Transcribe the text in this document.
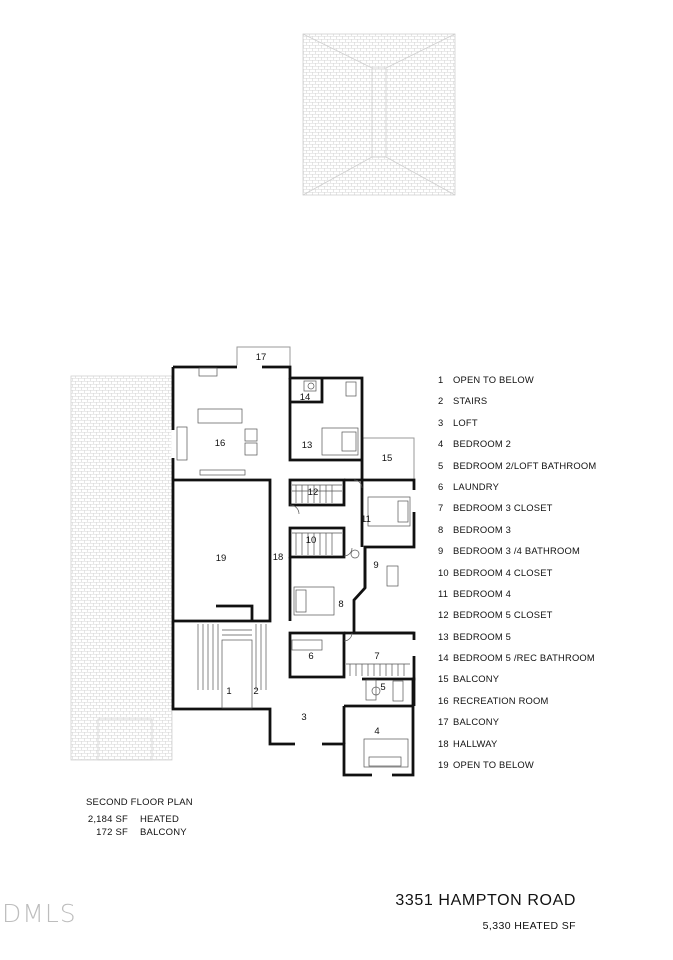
17
14
16	13
15
12
11
10
19	18
9
8
6	7
1 2	5
3
4
1	OPEN TO BELOW
2	STAIRS
3	LOFT
4	BEDROOM 2
5	BEDROOM 2/LOFT BATHROOM
6	LAUNDRY
7	BEDROOM 3 CLOSET
8	BEDROOM 3
9	BEDROOM 3 /4 BATHROOM
10 BEDROOM 4 CLOSET
11 BEDROOM 4
12 BEDROOM 5 CLOSET
13 BEDROOM 5
14 BEDROOM 5 /REC BATHROOM
15 BALCONY
16 RECREATION ROOM
17 BALCONY
18 HALLWAY
19 OPEN TO BELOW
SECOND FLOOR PLAN
2,184 SF	HEATED
172 SF	BALCONY
3351 HAMPTON ROAD
5,330 HEATED SF
DMLS
